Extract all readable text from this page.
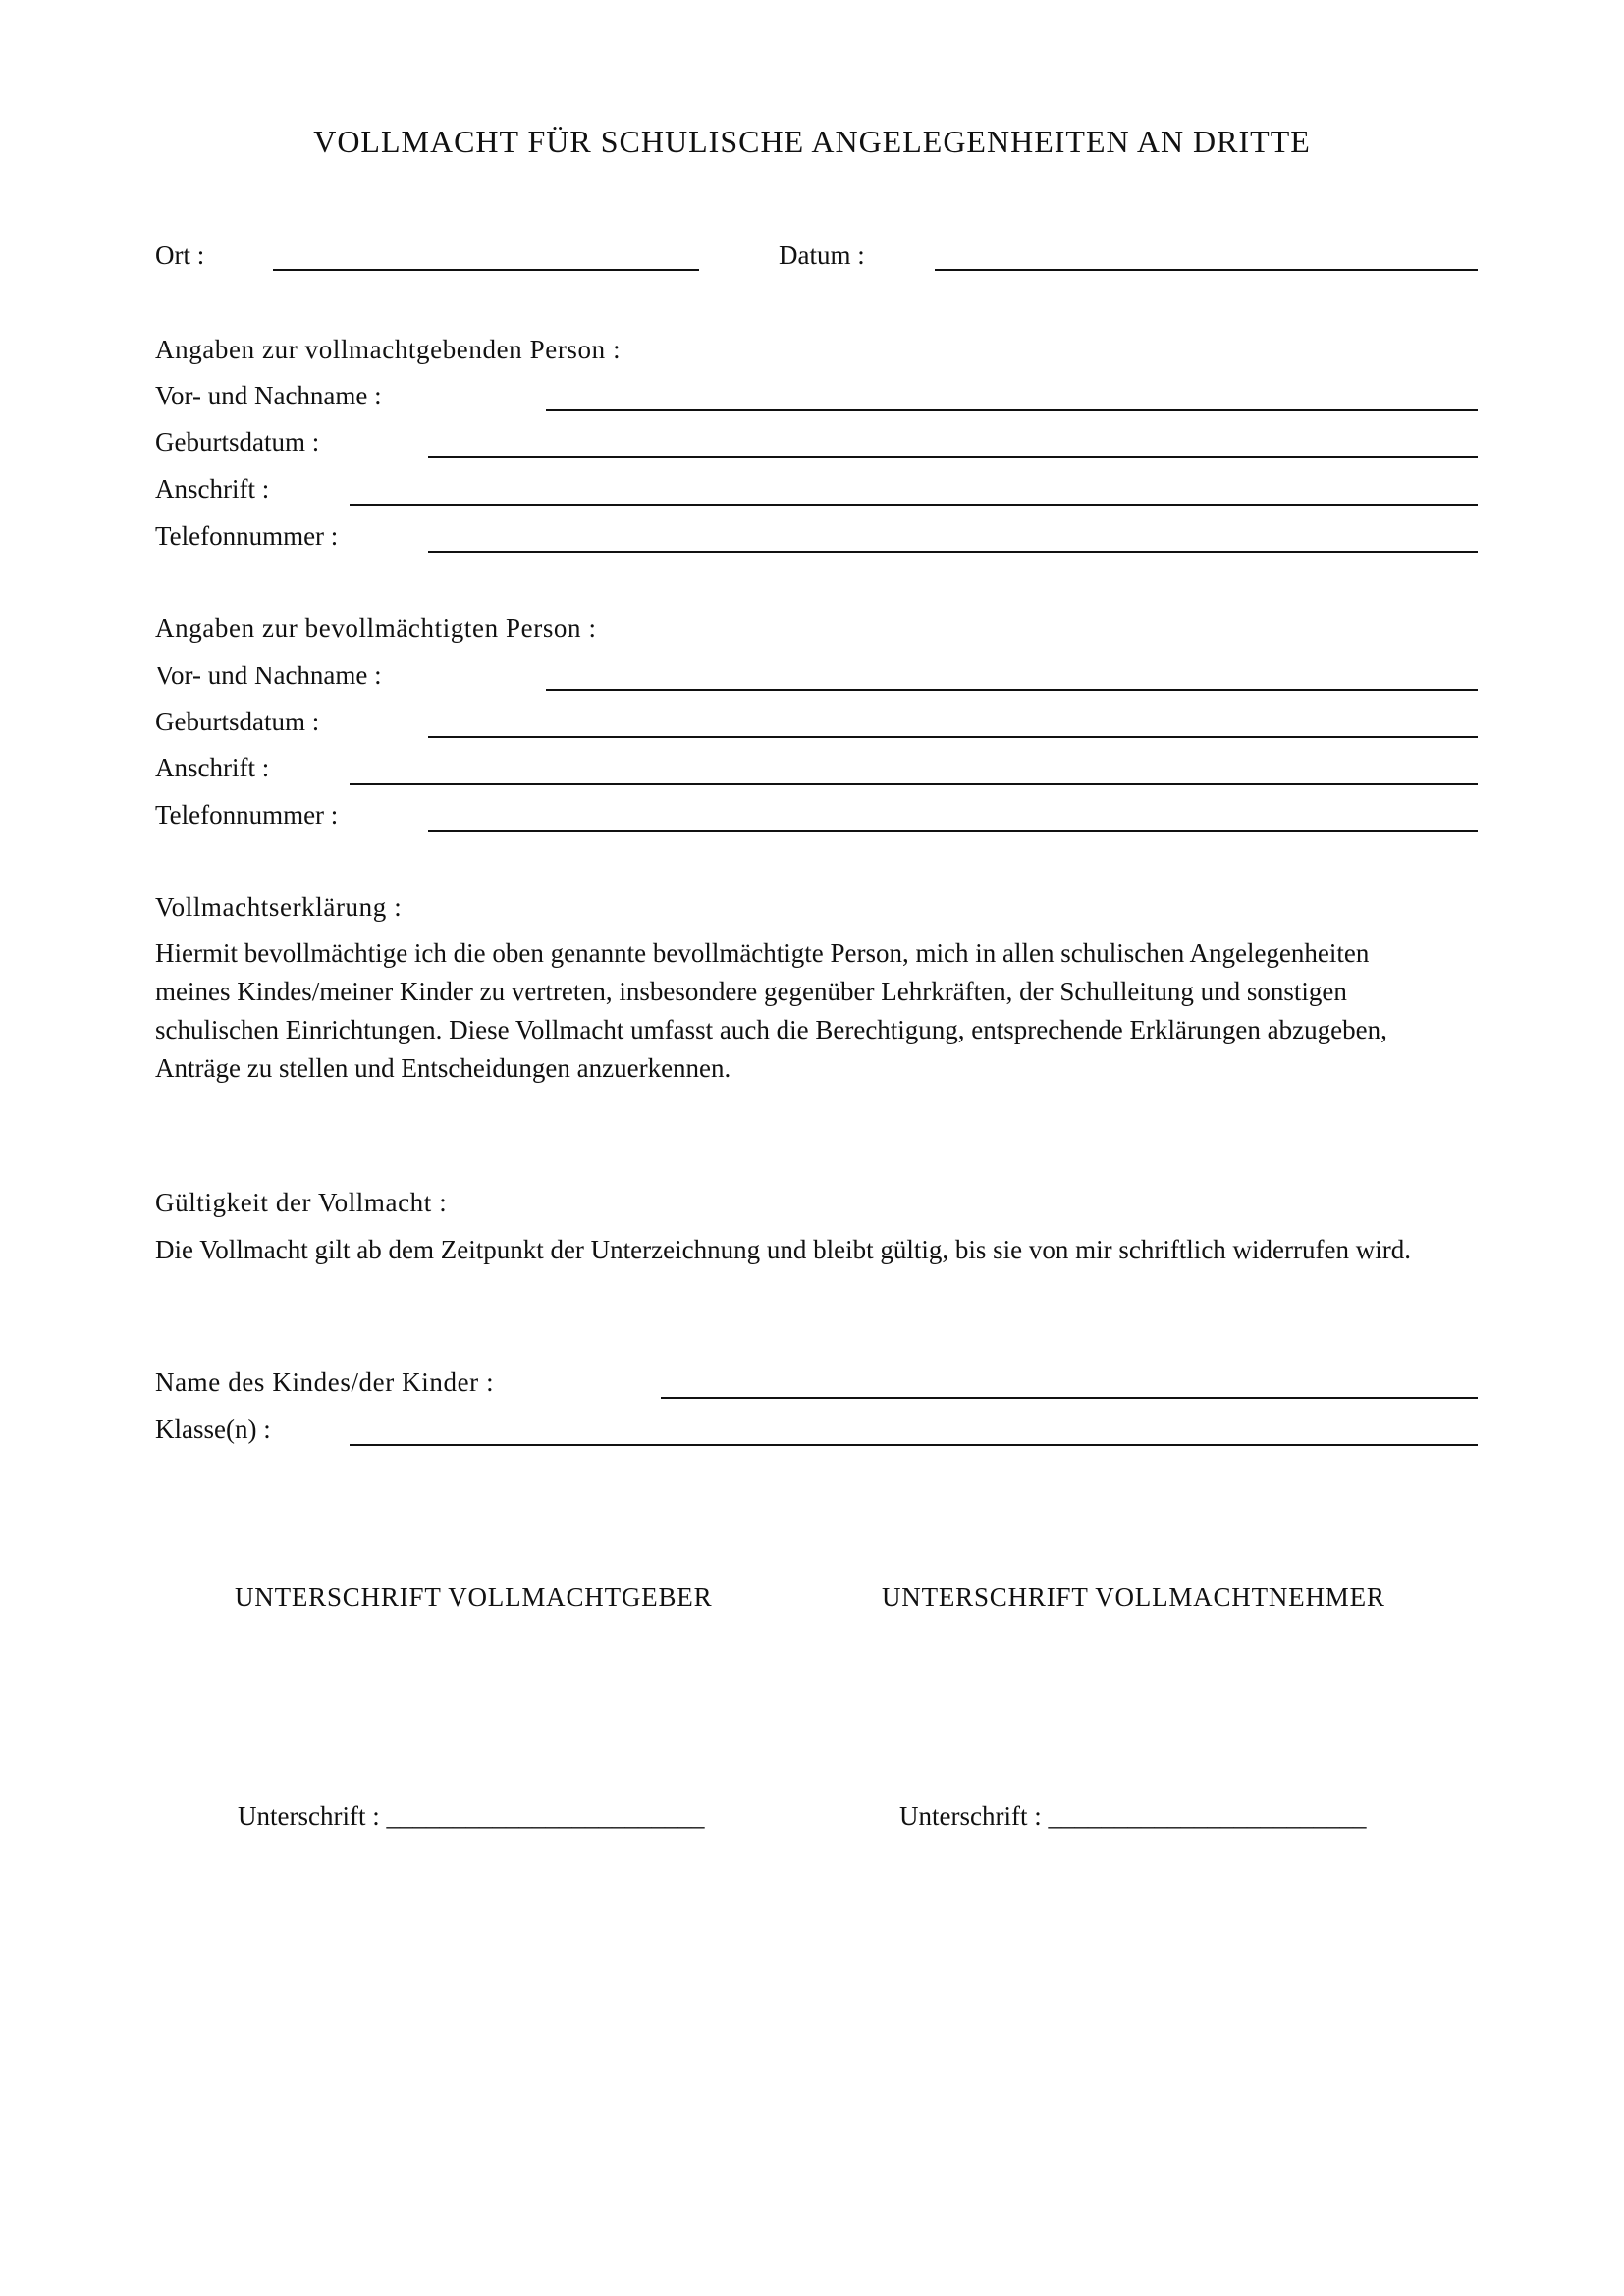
VOLLMACHT FÜR SCHULISCHE ANGELEGENHEITEN AN DRITTE
Ort :	Datum :
Angaben zur vollmachtgebenden Person :
Vor- und Nachname :
Geburtsdatum :
Anschrift :
Telefonnummer :
Angaben zur bevollmächtigten Person :
Vor- und Nachname :
Geburtsdatum :
Anschrift :
Telefonnummer :
Vollmachtserklärung :

Hiermit bevollmächtige ich die oben genannte bevollmächtigte Person, mich in allen schulischen Angelegenheiten

meines Kindes/meiner Kinder zu vertreten, insbesondere gegenüber Lehrkräften, der Schulleitung und sonstigen

schulischen Einrichtungen. Diese Vollmacht umfasst auch die Berechtigung, entsprechende Erklärungen abzugeben,

Anträge zu stellen und Entscheidungen anzuerkennen.

Gültigkeit der Vollmacht :
Die Vollmacht gilt ab dem Zeitpunkt der Unterzeichnung und bleibt gültig, bis sie von mir schriftlich widerrufen wird.
Name des Kindes/der Kinder :
Klasse(n) :
UNTERSCHRIFT VOLLMACHTGEBER	UNTERSCHRIFT VOLLMACHTNEHMER
Unterschrift : ________________________	Unterschrift : ________________________
